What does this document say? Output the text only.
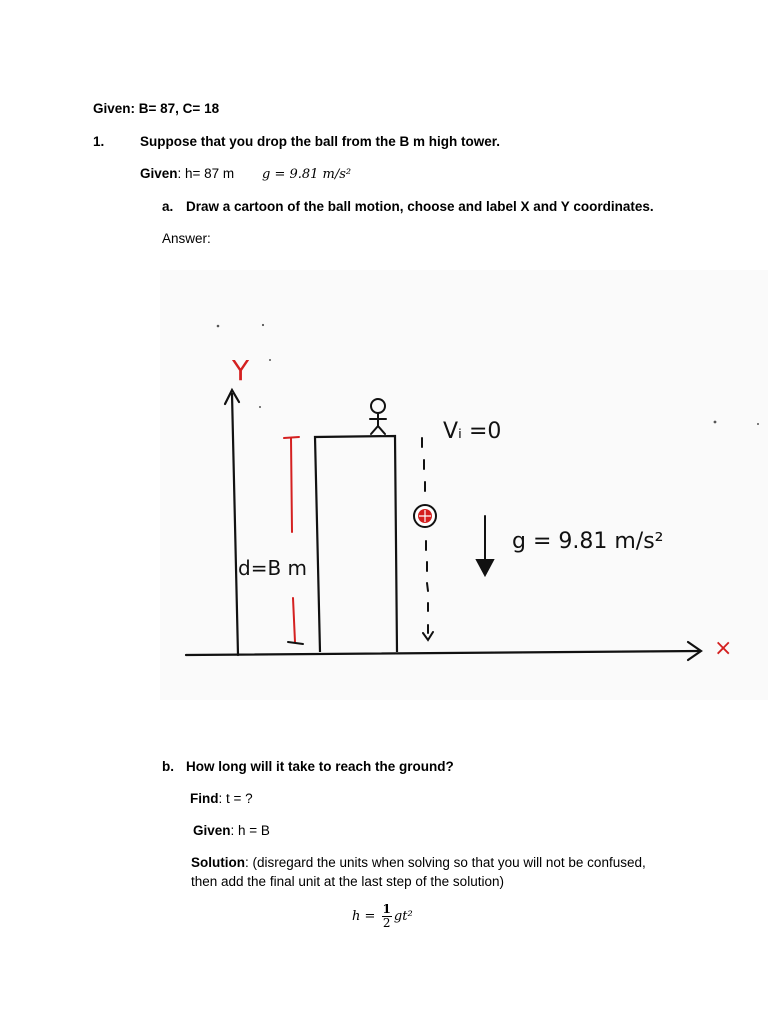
Given: B= 87, C= 18
1.	Suppose that you drop the ball from the B m high tower.
Given: h= 87 m g = 9.81 m/s²
a. Draw a cartoon of the ball motion, choose and label X and Y coordinates.
Answer:
Y
×
d=B m
Vᵢ =0
g = 9.81 m/s²
b. How long will it take to reach the ground?
Find: t = ?
Given: h = B
Solution: (disregard the units when solving so that you will not be confused,
then add the final unit at the last step of the solution)
$h = \frac{1}{2} gt^2$
